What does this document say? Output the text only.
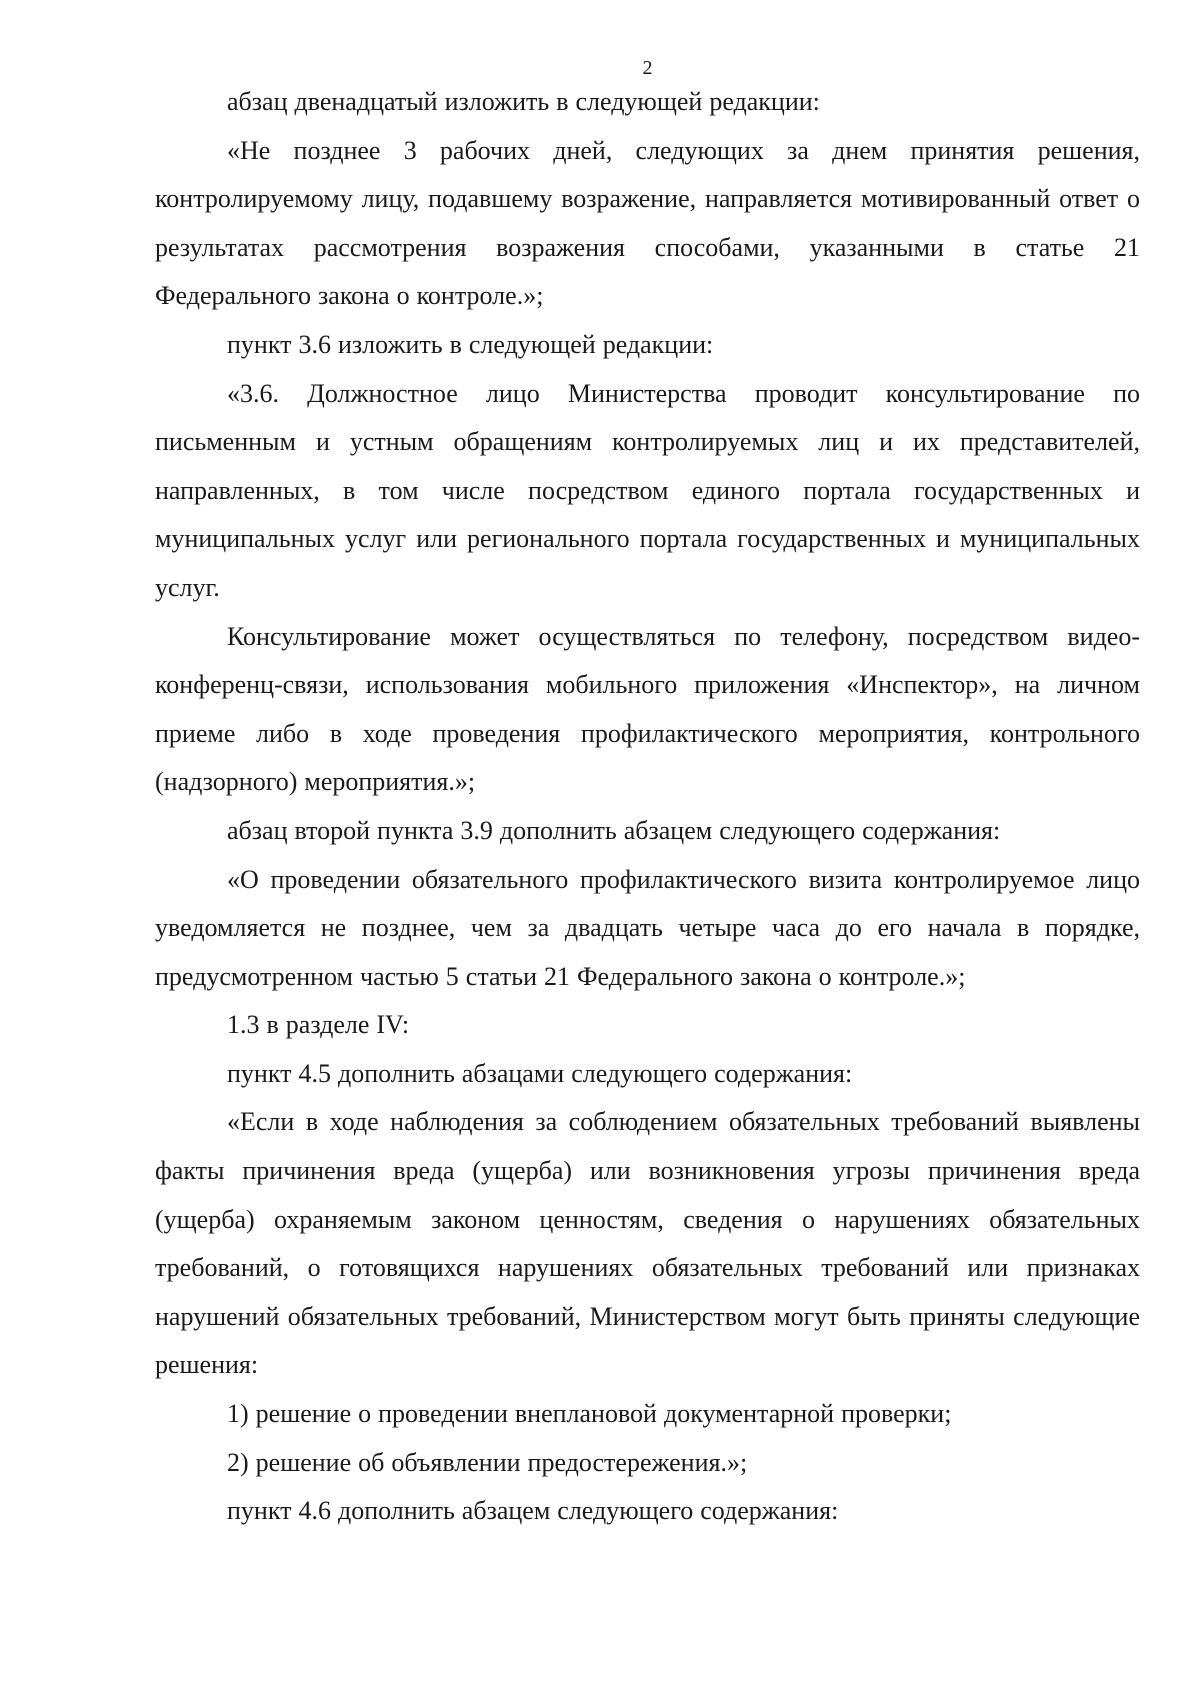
2

абзац двенадцатый изложить в следующей редакции:

«Не позднее 3 рабочих дней, следующих за днем принятия решения, контролируемому лицу, подавшему возражение, направляется мотивированный ответ о результатах рассмотрения возражения способами, указанными в статье 21 Федерального закона о контроле.»;

пункт 3.6 изложить в следующей редакции:

«3.6. Должностное лицо Министерства проводит консультирование по письменным и устным обращениям контролируемых лиц и их представителей, направленных, в том числе посредством единого портала государственных и муниципальных услуг или регионального портала государственных и муниципальных услуг.

Консультирование может осуществляться по телефону, посредством видео-конференц-связи, использования мобильного приложения «Инспектор», на личном приеме либо в ходе проведения профилактического мероприятия, контрольного (надзорного) мероприятия.»;

абзац второй пункта 3.9 дополнить абзацем следующего содержания:

«О проведении обязательного профилактического визита контролируемое лицо уведомляется не позднее, чем за двадцать четыре часа до его начала в порядке, предусмотренном частью 5 статьи 21 Федерального закона о контроле.»;

1.3 в разделе IV:

пункт 4.5 дополнить абзацами следующего содержания:

«Если в ходе наблюдения за соблюдением обязательных требований выявлены факты причинения вреда (ущерба) или возникновения угрозы причинения вреда (ущерба) охраняемым законом ценностям, сведения о нарушениях обязательных требований, о готовящихся нарушениях обязательных требований или признаках нарушений обязательных требований, Министерством могут быть приняты следующие решения:

1) решение о проведении внеплановой документарной проверки;

2) решение об объявлении предостережения.»;

пункт 4.6 дополнить абзацем следующего содержания:
